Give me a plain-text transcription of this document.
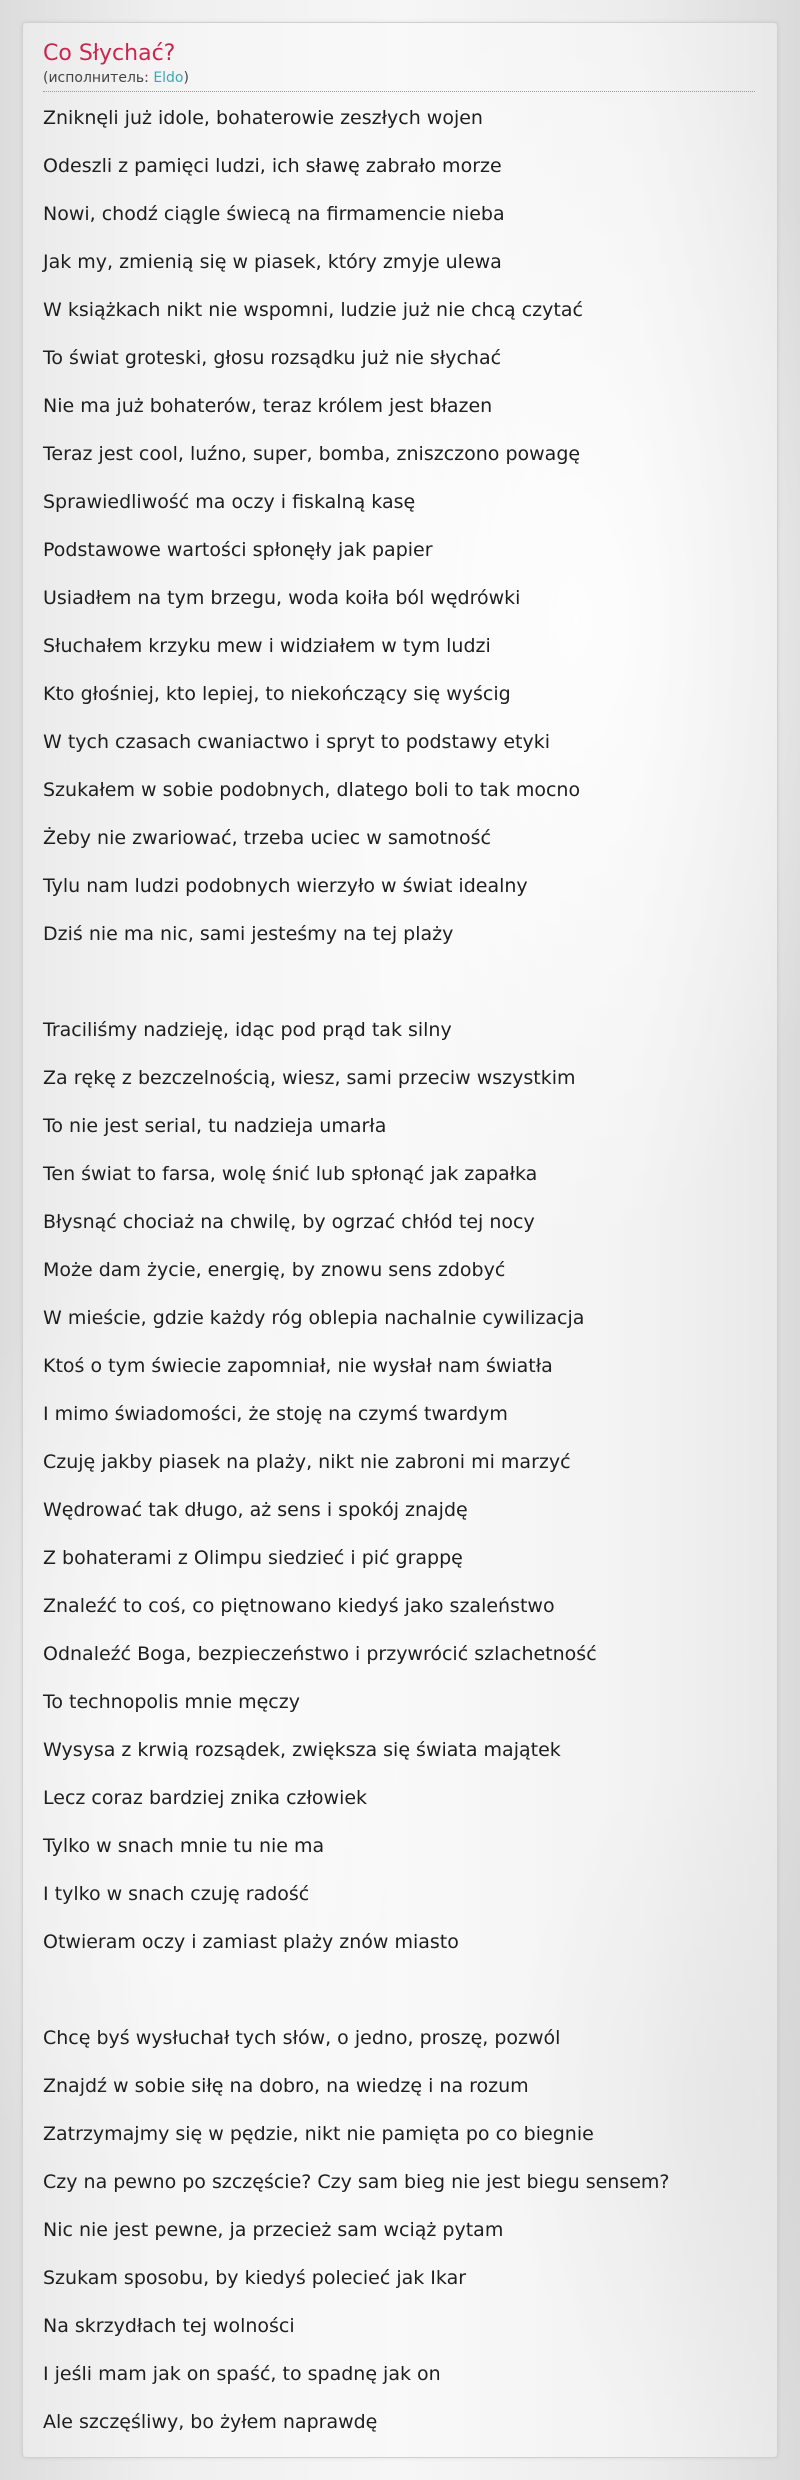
Co Słychać?
(исполнитель: Eldo)
Zniknęli już idole, bohaterowie zeszłych wojen
Odeszli z pamięci ludzi, ich sławę zabrało morze
Nowi, chodź ciągle świecą na firmamencie nieba
Jak my, zmienią się w piasek, który zmyje ulewa
W książkach nikt nie wspomni, ludzie już nie chcą czytać
To świat groteski, głosu rozsądku już nie słychać
Nie ma już bohaterów, teraz królem jest błazen
Teraz jest cool, luźno, super, bomba, zniszczono powagę
Sprawiedliwość ma oczy i fiskalną kasę
Podstawowe wartości spłonęły jak papier
Usiadłem na tym brzegu, woda koiła ból wędrówki
Słuchałem krzyku mew i widziałem w tym ludzi
Kto głośniej, kto lepiej, to niekończący się wyścig
W tych czasach cwaniactwo i spryt to podstawy etyki
Szukałem w sobie podobnych, dlatego boli to tak mocno
Żeby nie zwariować, trzeba uciec w samotność
Tylu nam ludzi podobnych wierzyło w świat idealny
Dziś nie ma nic, sami jesteśmy na tej plaży
Traciliśmy nadzieję, idąc pod prąd tak silny
Za rękę z bezczelnością, wiesz, sami przeciw wszystkim
To nie jest serial, tu nadzieja umarła
Ten świat to farsa, wolę śnić lub spłonąć jak zapałka
Błysnąć chociaż na chwilę, by ogrzać chłód tej nocy
Może dam życie, energię, by znowu sens zdobyć
W mieście, gdzie każdy róg oblepia nachalnie cywilizacja
Ktoś o tym świecie zapomniał, nie wysłał nam światła
I mimo świadomości, że stoję na czymś twardym
Czuję jakby piasek na plaży, nikt nie zabroni mi marzyć
Wędrować tak długo, aż sens i spokój znajdę
Z bohaterami z Olimpu siedzieć i pić grappę
Znaleźć to coś, co piętnowano kiedyś jako szaleństwo
Odnaleźć Boga, bezpieczeństwo i przywrócić szlachetność
To technopolis mnie męczy
Wysysa z krwią rozsądek, zwiększa się świata majątek
Lecz coraz bardziej znika człowiek
Tylko w snach mnie tu nie ma
I tylko w snach czuję radość
Otwieram oczy i zamiast plaży znów miasto
Chcę byś wysłuchał tych słów, o jedno, proszę, pozwól
Znajdź w sobie siłę na dobro, na wiedzę i na rozum
Zatrzymajmy się w pędzie, nikt nie pamięta po co biegnie
Czy na pewno po szczęście? Czy sam bieg nie jest biegu sensem?
Nic nie jest pewne, ja przecież sam wciąż pytam
Szukam sposobu, by kiedyś polecieć jak Ikar
Na skrzydłach tej wolności
I jeśli mam jak on spaść, to spadnę jak on
Ale szczęśliwy, bo żyłem naprawdę
